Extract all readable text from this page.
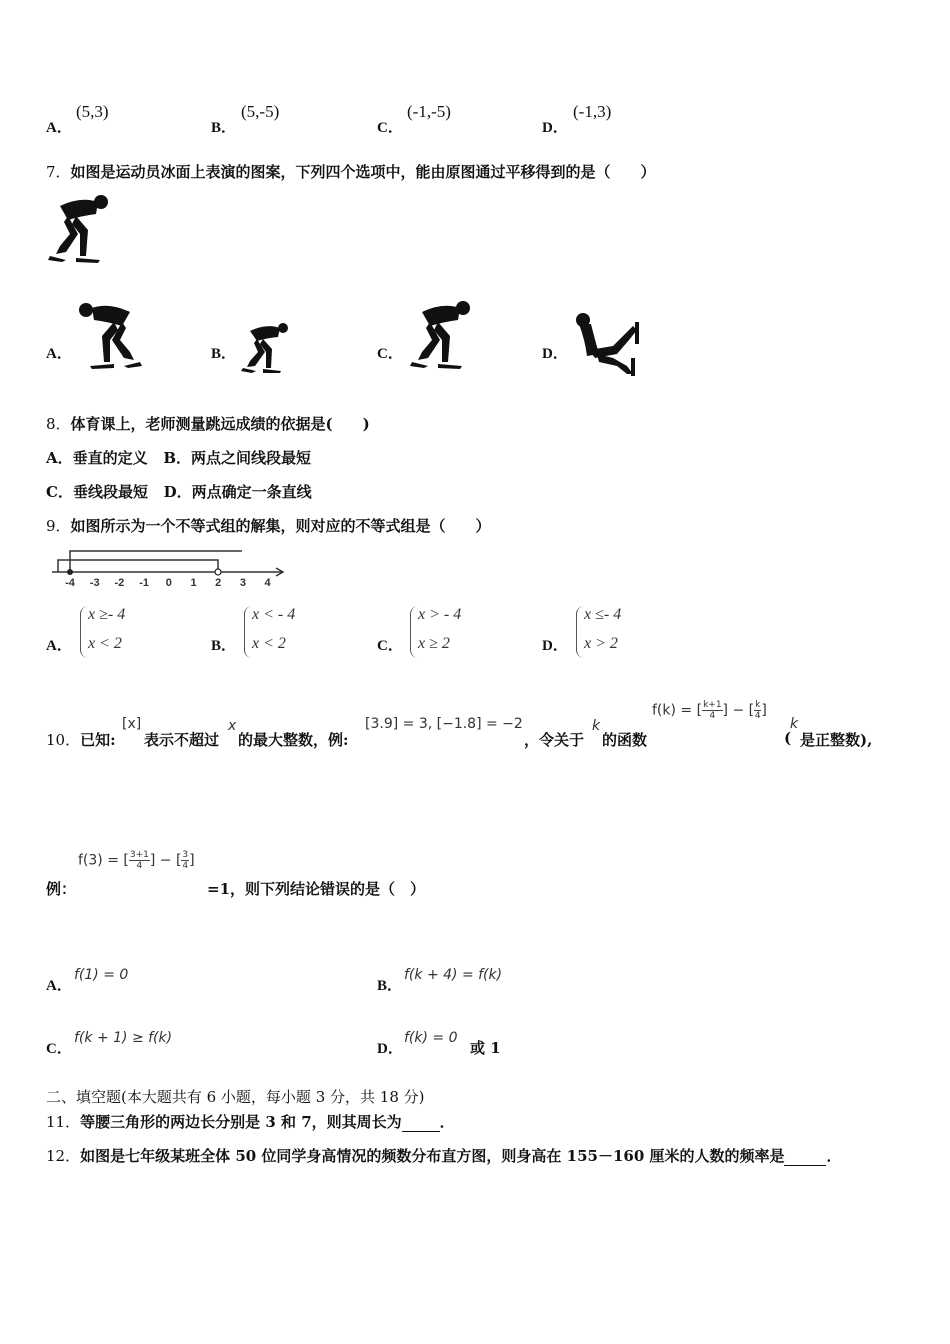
A．
(5,3)
B．
(5,-5)
C．
(-1,-5)
D．
(-1,3)
7．如图是运动员冰面上表演的图案，下列四个选项中，能由原图通过平移得到的是（　　）
A．	B．	C．	D．
8．体育课上，老师测量跳远成绩的依据是(　　)
A．垂直的定义 B．两点之间线段最短
C．垂线段最短 D．两点确定一条直线
9．如图所示为一个不等式组的解集，则对应的不等式组是（　　）
-4 -3 -2 -1 0 1 2 3 4
A．
x ≥- 4
x < 2	B．
x < - 4
x < 2	C．
x > - 4
x ≥ 2	D．
x ≤- 4
x > 2
10．已知:
[x]
表示不超过
x
的最大整数，例:
[3.9] = 3, [−1.8] = −2
，令关于
k
的函数
f(k) = [ $\frac{k+1}{4}$ ] − [ $\frac{k}{4}$ ]
k
( 是正整数),
f(3) = [ $\frac{3+1}{4}$ ] − [ $\frac{3}{4}$ ]
例：	=1，则下列结论错误的是（　）
A．
f(1) = 0
B．
f(k + 4) = f(k)
C．
f(k + 1) ≥ f(k)
D．
f(k) = 0
或 1
二、填空题(本大题共有 6 小题，每小题 3 分，共 18 分)
11．等腰三角形的两边长分别是 3 和 7，则其周长为	．
12．如图是七年级某班全体 50 位同学身高情况的频数分布直方图，则身高在 155－160 厘米的人数的频率是	．
